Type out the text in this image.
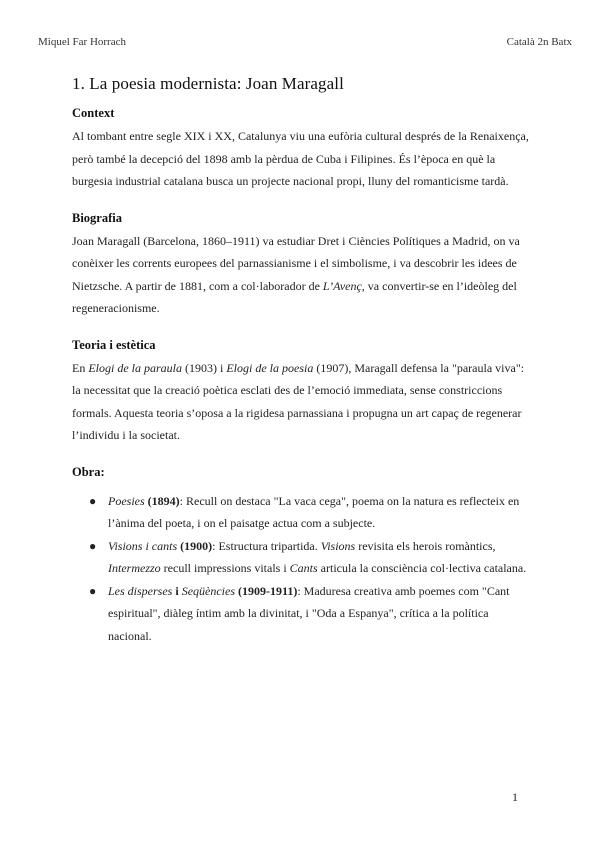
Miquel Far Horrach	Català 2n Batx
1. La poesia modernista: Joan Maragall
Context

Al tombant entre segle XIX i XX, Catalunya viu una eufòria cultural després de la Renaixença, però també la decepció del 1898 amb la pèrdua de Cuba i Filipines. És l’època en què la burgesia industrial catalana busca un projecte nacional propi, lluny del romanticisme tardà.

Biografia

Joan Maragall (Barcelona, 1860–1911) va estudiar Dret i Ciències Polítiques a Madrid, on va conèixer les corrents europees del parnassianisme i el simbolisme, i va descobrir les idees de Nietzsche. A partir de 1881, com a col·laborador de L’Avenç, va convertir-se en l’ideòleg del regeneracionisme.

Teoria i estètica

En Elogi de la paraula (1903) i Elogi de la poesia (1907), Maragall defensa la "paraula viva": la necessitat que la creació poètica esclati des de l’emoció immediata, sense constriccions formals. Aquesta teoria s’oposa a la rigidesa parnassiana i propugna un art capaç de regenerar l’individu i la societat.

Obra:
● Poesies (1894): Recull on destaca "La vaca cega", poema on la natura es reflecteix en l’ànima del poeta, i on el paisatge actua com a subjecte.
● Visions i cants (1900): Estructura tripartida. Visions revisita els herois romàntics, Intermezzo recull impressions vitals i Cants articula la consciència col·lectiva catalana.
● Les disperses i Seqüències (1909-1911): Maduresa creativa amb poemes com "Cant espiritual", diàleg íntim amb la divinitat, i "Oda a Espanya", crítica a la política nacional.
1
